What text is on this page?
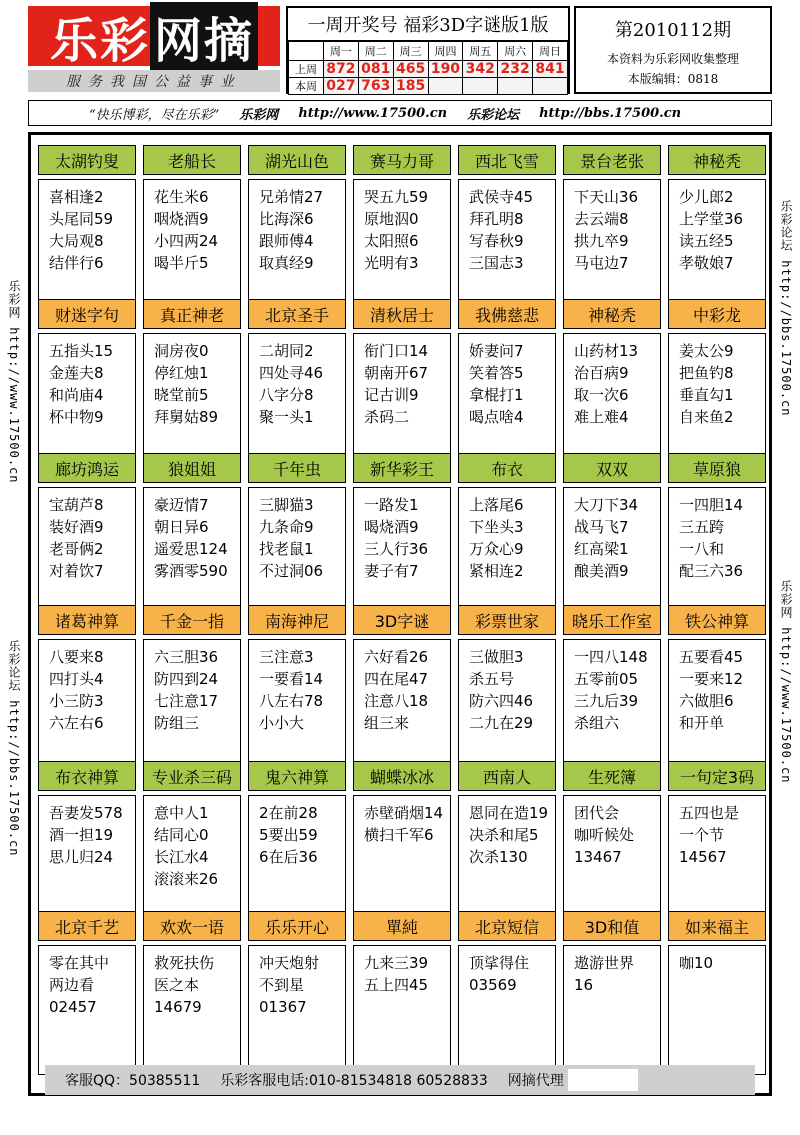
乐彩 网摘
服务我国公益事业
一周开奖号 福彩3D字谜版1版
	周一	周二	周三	周四	周五	周六	周日
上周	872	081	465	190	342	232	841
本周	027	763	185				
第2010112期
本资料为乐彩网收集整理
本版编辑：0818
“快乐博彩，尽在乐彩” 乐彩网 http://www.17500.cn 乐彩论坛 http://bbs.17500.cn
乐彩网 http://www.17500.cn
乐彩论坛 http://bbs.17500.cn
乐彩论坛 http://bbs.17500.cn
乐彩网 http://www.17500.cn
太湖钓叟
喜相逢2
头尾同59
大局观8
结伴行6
老船长
花生米6
咽烧酒9
小四两24
喝半斤5
湖光山色
兄弟情27
比海深6
跟师傅4
取真经9
赛马力哥
哭五九59
原地泅0
太阳照6
光明有3
西北飞雪
武侯寺45
拜孔明8
写春秋9
三国志3
景台老张
下天山36
去云端8
拱九卒9
马屯边7
神秘秃
少儿郎2
上学堂36
读五经5
孝敬娘7
财迷字句
五指头15
金莲夫8
和尚庙4
杯中物9
真正神老
洞房夜0
停红烛1
晓堂前5
拜舅姑89
北京圣手
二胡同2
四处寻46
八字分8
聚一头1
清秋居士
衔门口14
朝南开67
记古训9
杀码二
我佛慈悲
娇妻问7
笑着答5
拿棍打1
喝点啥4
神秘秃
山药材13
治百病9
取一次6
难上难4
中彩龙
姜太公9
把鱼钓8
垂直勾1
自来鱼2
廊坊鸿运
宝葫芦8
装好酒9
老哥俩2
对着饮7
狼姐姐
豪迈情7
朝日异6
遥爱思124
雾酒零590
千年虫
三脚猫3
九条命9
找老鼠1
不过洞06
新华彩王
一路发1
喝烧酒9
三人行36
妻子有7
布衣
上落尾6
下坐头3
万众心9
紧相连2
双双
大刀下34
战马飞7
红高梁1
酿美酒9
草原狼
一四胆14
三五跨
一八和
配三六36
诸葛神算
八要来8
四打头4
小三防3
六左右6
千金一指
六三胆36
防四到24
七注意17
防组三
南海神尼
三注意3
一要看14
八左右78
小小大
3D字谜
六好看26
四在尾47
注意八18
组三来
彩票世家
三做胆3
杀五号
防六四46
二九在29
晓乐工作室
一四八148
五零前05
三九后39
杀组六
铁公神算
五要看45
一要来12
六做胆6
和开单
布衣神算
吾妻发578
酒一担19
思儿归24
专业杀三码
意中人1
结同心0
长江水4
滚滚来26
鬼六神算
2在前28
5要出59
6在后36
蝴蝶冰冰
赤壁硝烟14
横扫千军6
西南人
恩同在造19
决杀和尾5
次杀130
生死簿
团代会
咖听候处
13467
一句定3码
五四也是
一个节
14567
北京千艺
零在其中
两边看
02457
欢欢一语
救死扶伤
医之本
14679
乐乐开心
冲天炮射
不到星
01367
單純
九来三39
五上四45
北京短信
顶挲得住
03569
3D和值
遨游世界
16
如来福主
咖10
客服QQ：50385511 乐彩客服电话:010-81534818 60528833 网摘代理
